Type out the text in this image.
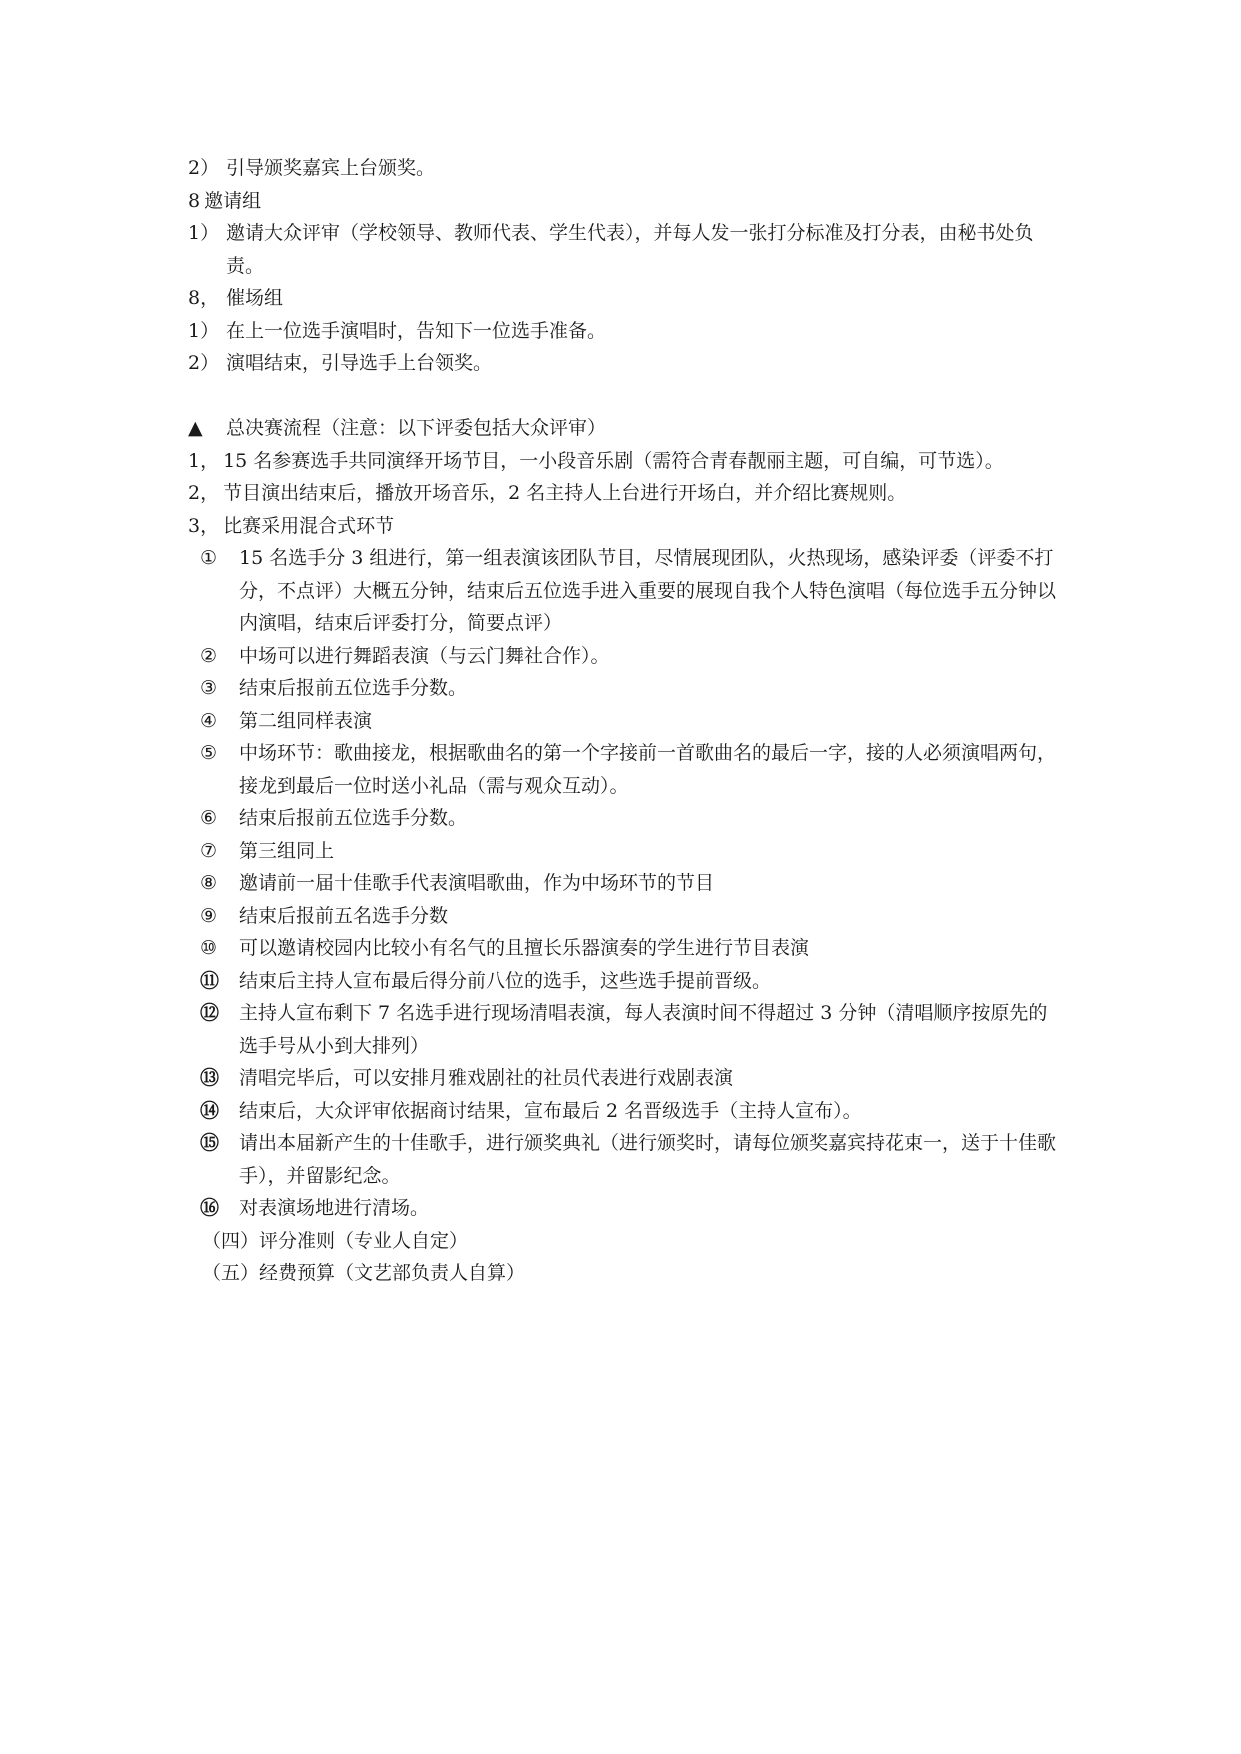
2） 引导颁奖嘉宾上台颁奖。
8 邀请组
1） 邀请大众评审（学校领导、教师代表、学生代表），并每人发一张打分标准及打分表，由秘书处负责。
8， 催场组
1） 在上一位选手演唱时，告知下一位选手准备。
2） 演唱结束，引导选手上台领奖。
▲	总决赛流程（注意：以下评委包括大众评审）
1， 15 名参赛选手共同演绎开场节目，一小段音乐剧（需符合青春靓丽主题，可自编，可节选）。
2， 节目演出结束后，播放开场音乐，2 名主持人上台进行开场白，并介绍比赛规则。
3， 比赛采用混合式环节
①	15 名选手分 3 组进行，第一组表演该团队节目，尽情展现团队，火热现场，感染评委（评委不打分，不点评）大概五分钟，结束后五位选手进入重要的展现自我个人特色演唱（每位选手五分钟以内演唱，结束后评委打分，简要点评）
②	中场可以进行舞蹈表演（与云门舞社合作）。
③	结束后报前五位选手分数。
④	第二组同样表演
⑤	中场环节：歌曲接龙，根据歌曲名的第一个字接前一首歌曲名的最后一字，接的人必须演唱两句，接龙到最后一位时送小礼品（需与观众互动）。
⑥	结束后报前五位选手分数。
⑦	第三组同上
⑧	邀请前一届十佳歌手代表演唱歌曲，作为中场环节的节目
⑨	结束后报前五名选手分数
⑩	可以邀请校园内比较小有名气的且擅长乐器演奏的学生进行节目表演
⑪	结束后主持人宣布最后得分前八位的选手，这些选手提前晋级。
⑫	主持人宣布剩下 7 名选手进行现场清唱表演，每人表演时间不得超过 3 分钟（清唱顺序按原先的选手号从小到大排列）
⑬	清唱完毕后，可以安排月雅戏剧社的社员代表进行戏剧表演
⑭	结束后，大众评审依据商讨结果，宣布最后 2 名晋级选手（主持人宣布）。
⑮	请出本届新产生的十佳歌手，进行颁奖典礼（进行颁奖时，请每位颁奖嘉宾持花束一，送于十佳歌手），并留影纪念。
⑯	对表演场地进行清场。
（四）评分准则（专业人自定）
（五）经费预算（文艺部负责人自算）
